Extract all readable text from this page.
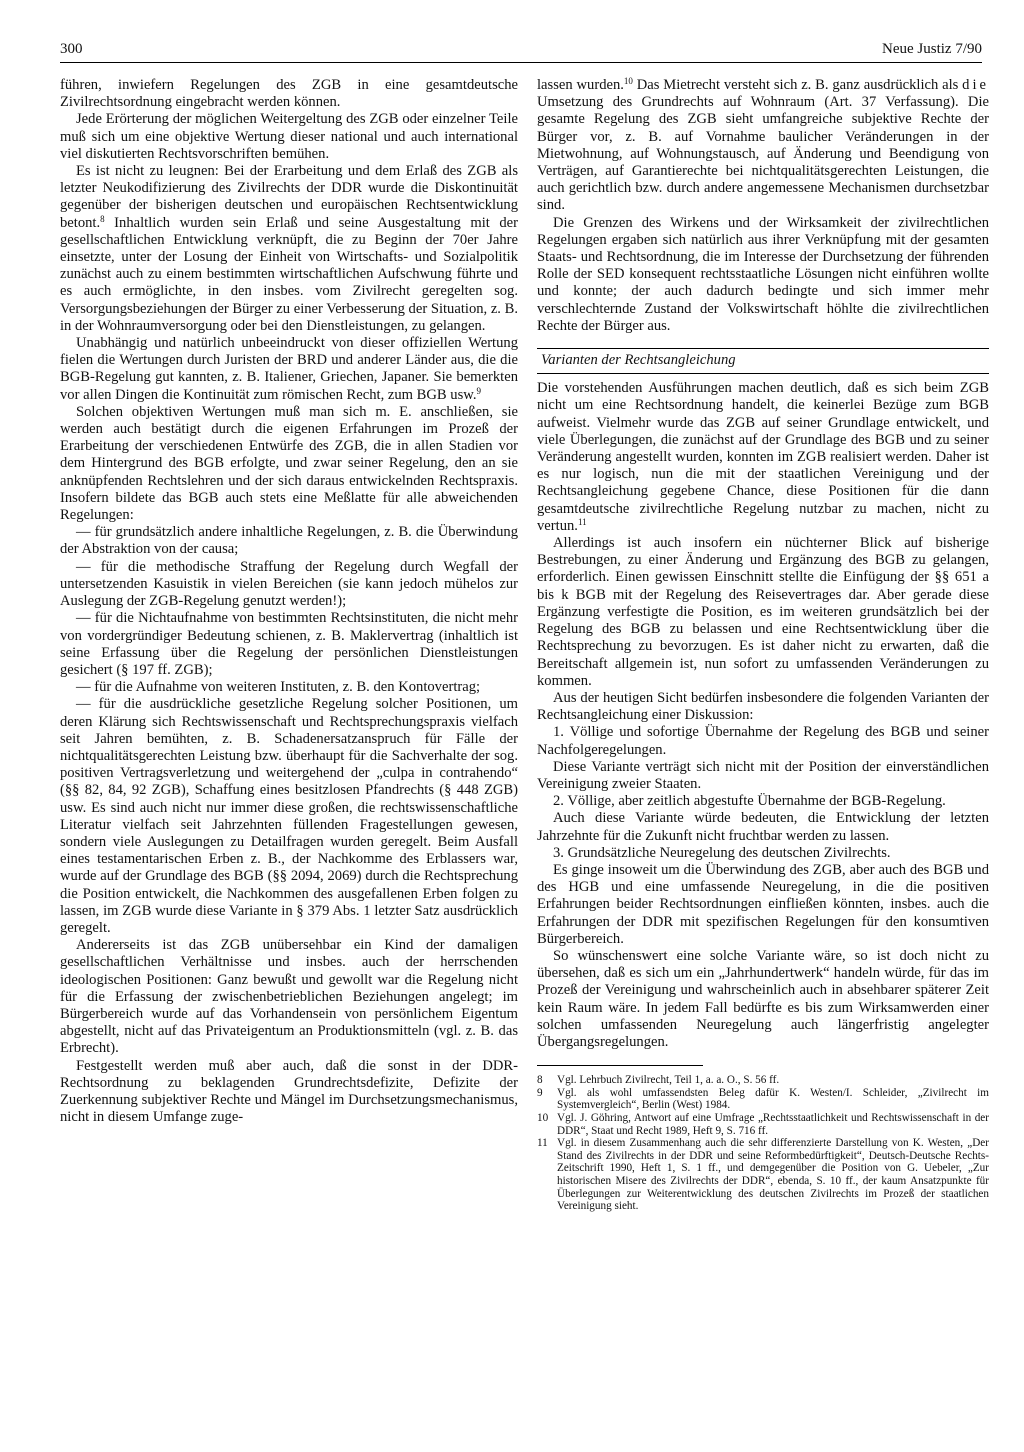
300	Neue Justiz 7/90

führen, inwiefern Regelungen des ZGB in eine gesamtdeutsche Zivilrechtsordnung eingebracht werden können.

Jede Erörterung der möglichen Weitergeltung des ZGB oder einzelner Teile muß sich um eine objektive Wertung dieser national und auch international viel diskutierten Rechtsvorschriften bemühen.

Es ist nicht zu leugnen: Bei der Erarbeitung und dem Erlaß des ZGB als letzter Neukodifizierung des Zivilrechts der DDR wurde die Diskontinuität gegenüber der bisherigen deutschen und europäischen Rechtsentwicklung betont.$^8$ Inhaltlich wurden sein Erlaß und seine Ausgestaltung mit der gesellschaftlichen Entwicklung verknüpft, die zu Beginn der 70er Jahre einsetzte, unter der Losung der Einheit von Wirtschafts- und Sozialpolitik zunächst auch zu einem bestimmten wirtschaftlichen Aufschwung führte und es auch ermöglichte, in den insbes. vom Zivilrecht geregelten sog. Versorgungsbeziehungen der Bürger zu einer Verbesserung der Situation, z. B. in der Wohnraumversorgung oder bei den Dienstleistungen, zu gelangen.

Unabhängig und natürlich unbeeindruckt von dieser offiziellen Wertung fielen die Wertungen durch Juristen der BRD und anderer Länder aus, die die BGB-Regelung gut kannten, z. B. Italiener, Griechen, Japaner. Sie bemerkten vor allen Dingen die Kontinuität zum römischen Recht, zum BGB usw.$^9$

Solchen objektiven Wertungen muß man sich m. E. anschließen, sie werden auch bestätigt durch die eigenen Erfahrungen im Prozeß der Erarbeitung der verschiedenen Entwürfe des ZGB, die in allen Stadien vor dem Hintergrund des BGB erfolgte, und zwar seiner Regelung, den an sie anknüpfenden Rechtslehren und der sich daraus entwickelnden Rechtspraxis. Insofern bildete das BGB auch stets eine Meßlatte für alle abweichenden Regelungen:

— für grundsätzlich andere inhaltliche Regelungen, z. B. die Überwindung der Abstraktion von der causa;

— für die methodische Straffung der Regelung durch Wegfall der untersetzenden Kasuistik in vielen Bereichen (sie kann jedoch mühelos zur Auslegung der ZGB-Regelung genutzt werden!);

— für die Nichtaufnahme von bestimmten Rechtsinstituten, die nicht mehr von vordergründiger Bedeutung schienen, z. B. Maklervertrag (inhaltlich ist seine Erfassung über die Regelung der persönlichen Dienstleistungen gesichert (§ 197 ff. ZGB);

— für die Aufnahme von weiteren Instituten, z. B. den Kontovertrag;

— für die ausdrückliche gesetzliche Regelung solcher Positionen, um deren Klärung sich Rechtswissenschaft und Rechtsprechungspraxis vielfach seit Jahren bemühten, z. B. Schadenersatzanspruch für Fälle der nichtqualitätsgerechten Leistung bzw. überhaupt für die Sachverhalte der sog. positiven Vertragsverletzung und weitergehend der „culpa in contrahendo“ (§§ 82, 84, 92 ZGB), Schaffung eines besitzlosen Pfandrechts (§ 448 ZGB) usw. Es sind auch nicht nur immer diese großen, die rechtswissenschaftliche Literatur vielfach seit Jahrzehnten füllenden Fragestellungen gewesen, sondern viele Auslegungen zu Detailfragen wurden geregelt. Beim Ausfall eines testamentarischen Erben z. B., der Nachkomme des Erblassers war, wurde auf der Grundlage des BGB (§§ 2094, 2069) durch die Rechtsprechung die Position entwickelt, die Nachkommen des ausgefallenen Erben folgen zu lassen, im ZGB wurde diese Variante in § 379 Abs. 1 letzter Satz ausdrücklich geregelt.

Andererseits ist das ZGB unübersehbar ein Kind der damaligen gesellschaftlichen Verhältnisse und insbes. auch der herrschenden ideologischen Positionen: Ganz bewußt und gewollt war die Regelung nicht für die Erfassung der zwischenbetrieblichen Beziehungen angelegt; im Bürgerbereich wurde auf das Vorhandensein von persönlichem Eigentum abgestellt, nicht auf das Privateigentum an Produktionsmitteln (vgl. z. B. das Erbrecht).

Festgestellt werden muß aber auch, daß die sonst in der DDR-Rechtsordnung zu beklagenden Grundrechtsdefizite, Defizite der Zuerkennung subjektiver Rechte und Mängel im Durchsetzungsmechanismus, nicht in diesem Umfange zuge-

lassen wurden.$^{10}$ Das Mietrecht versteht sich z. B. ganz ausdrücklich als die Umsetzung des Grundrechts auf Wohnraum (Art. 37 Verfassung). Die gesamte Regelung des ZGB sieht umfangreiche subjektive Rechte der Bürger vor, z. B. auf Vornahme baulicher Veränderungen in der Mietwohnung, auf Wohnungstausch, auf Änderung und Beendigung von Verträgen, auf Garantierechte bei nichtqualitätsgerechten Leistungen, die auch gerichtlich bzw. durch andere angemessene Mechanismen durchsetzbar sind.

Die Grenzen des Wirkens und der Wirksamkeit der zivilrechtlichen Regelungen ergaben sich natürlich aus ihrer Verknüpfung mit der gesamten Staats- und Rechtsordnung, die im Interesse der Durchsetzung der führenden Rolle der SED konsequent rechtsstaatliche Lösungen nicht einführen wollte und konnte; der auch dadurch bedingte und sich immer mehr verschlechternde Zustand der Volkswirtschaft höhlte die zivilrechtlichen Rechte der Bürger aus.

Varianten der Rechtsangleichung

Die vorstehenden Ausführungen machen deutlich, daß es sich beim ZGB nicht um eine Rechtsordnung handelt, die keinerlei Bezüge zum BGB aufweist. Vielmehr wurde das ZGB auf seiner Grundlage entwickelt, und viele Überlegungen, die zunächst auf der Grundlage des BGB und zu seiner Veränderung angestellt wurden, konnten im ZGB realisiert werden. Daher ist es nur logisch, nun die mit der staatlichen Vereinigung und der Rechtsangleichung gegebene Chance, diese Positionen für die dann gesamtdeutsche zivilrechtliche Regelung nutzbar zu machen, nicht zu vertun.$^{11}$

Allerdings ist auch insofern ein nüchterner Blick auf bisherige Bestrebungen, zu einer Änderung und Ergänzung des BGB zu gelangen, erforderlich. Einen gewissen Einschnitt stellte die Einfügung der §§ 651 a bis k BGB mit der Regelung des Reisevertrages dar. Aber gerade diese Ergänzung verfestigte die Position, es im weiteren grundsätzlich bei der Regelung des BGB zu belassen und eine Rechtsentwicklung über die Rechtsprechung zu bevorzugen. Es ist daher nicht zu erwarten, daß die Bereitschaft allgemein ist, nun sofort zu umfassenden Veränderungen zu kommen.

Aus der heutigen Sicht bedürfen insbesondere die folgenden Varianten der Rechtsangleichung einer Diskussion:

1. Völlige und sofortige Übernahme der Regelung des BGB und seiner Nachfolgeregelungen.

Diese Variante verträgt sich nicht mit der Position der einverständlichen Vereinigung zweier Staaten.

2. Völlige, aber zeitlich abgestufte Übernahme der BGB-Regelung.

Auch diese Variante würde bedeuten, die Entwicklung der letzten Jahrzehnte für die Zukunft nicht fruchtbar werden zu lassen.

3. Grundsätzliche Neuregelung des deutschen Zivilrechts.

Es ginge insoweit um die Überwindung des ZGB, aber auch des BGB und des HGB und eine umfassende Neuregelung, in die die positiven Erfahrungen beider Rechtsordnungen einfließen könnten, insbes. auch die Erfahrungen der DDR mit spezifischen Regelungen für den konsumtiven Bürgerbereich.

So wünschenswert eine solche Variante wäre, so ist doch nicht zu übersehen, daß es sich um ein „Jahrhundertwerk“ handeln würde, für das im Prozeß der Vereinigung und wahrscheinlich auch in absehbarer späterer Zeit kein Raum wäre. In jedem Fall bedürfte es bis zum Wirksamwerden einer solchen umfassenden Neuregelung auch längerfristig angelegter Übergangsregelungen.

8	Vgl. Lehrbuch Zivilrecht, Teil 1, a. a. O., S. 56 ff.
9	Vgl. als wohl umfassendsten Beleg dafür K. Westen/I. Schleider, „Zivilrecht im Systemvergleich“, Berlin (West) 1984.
10 Vgl. J. Göhring, Antwort auf eine Umfrage „Rechtsstaatlichkeit und Rechtswissenschaft in der DDR“, Staat und Recht 1989, Heft 9, S. 716 ff.
11 Vgl. in diesem Zusammenhang auch die sehr differenzierte Darstellung von K. Westen, „Der Stand des Zivilrechts in der DDR und seine Reformbedürftigkeit“, Deutsch-Deutsche Rechts-Zeitschrift 1990, Heft 1, S. 1 ff., und demgegenüber die Position von G. Uebeler, „Zur historischen Misere des Zivilrechts der DDR“, ebenda, S. 10 ff., der kaum Ansatzpunkte für Überlegungen zur Weiterentwicklung des deutschen Zivilrechts im Prozeß der staatlichen Vereinigung sieht.
